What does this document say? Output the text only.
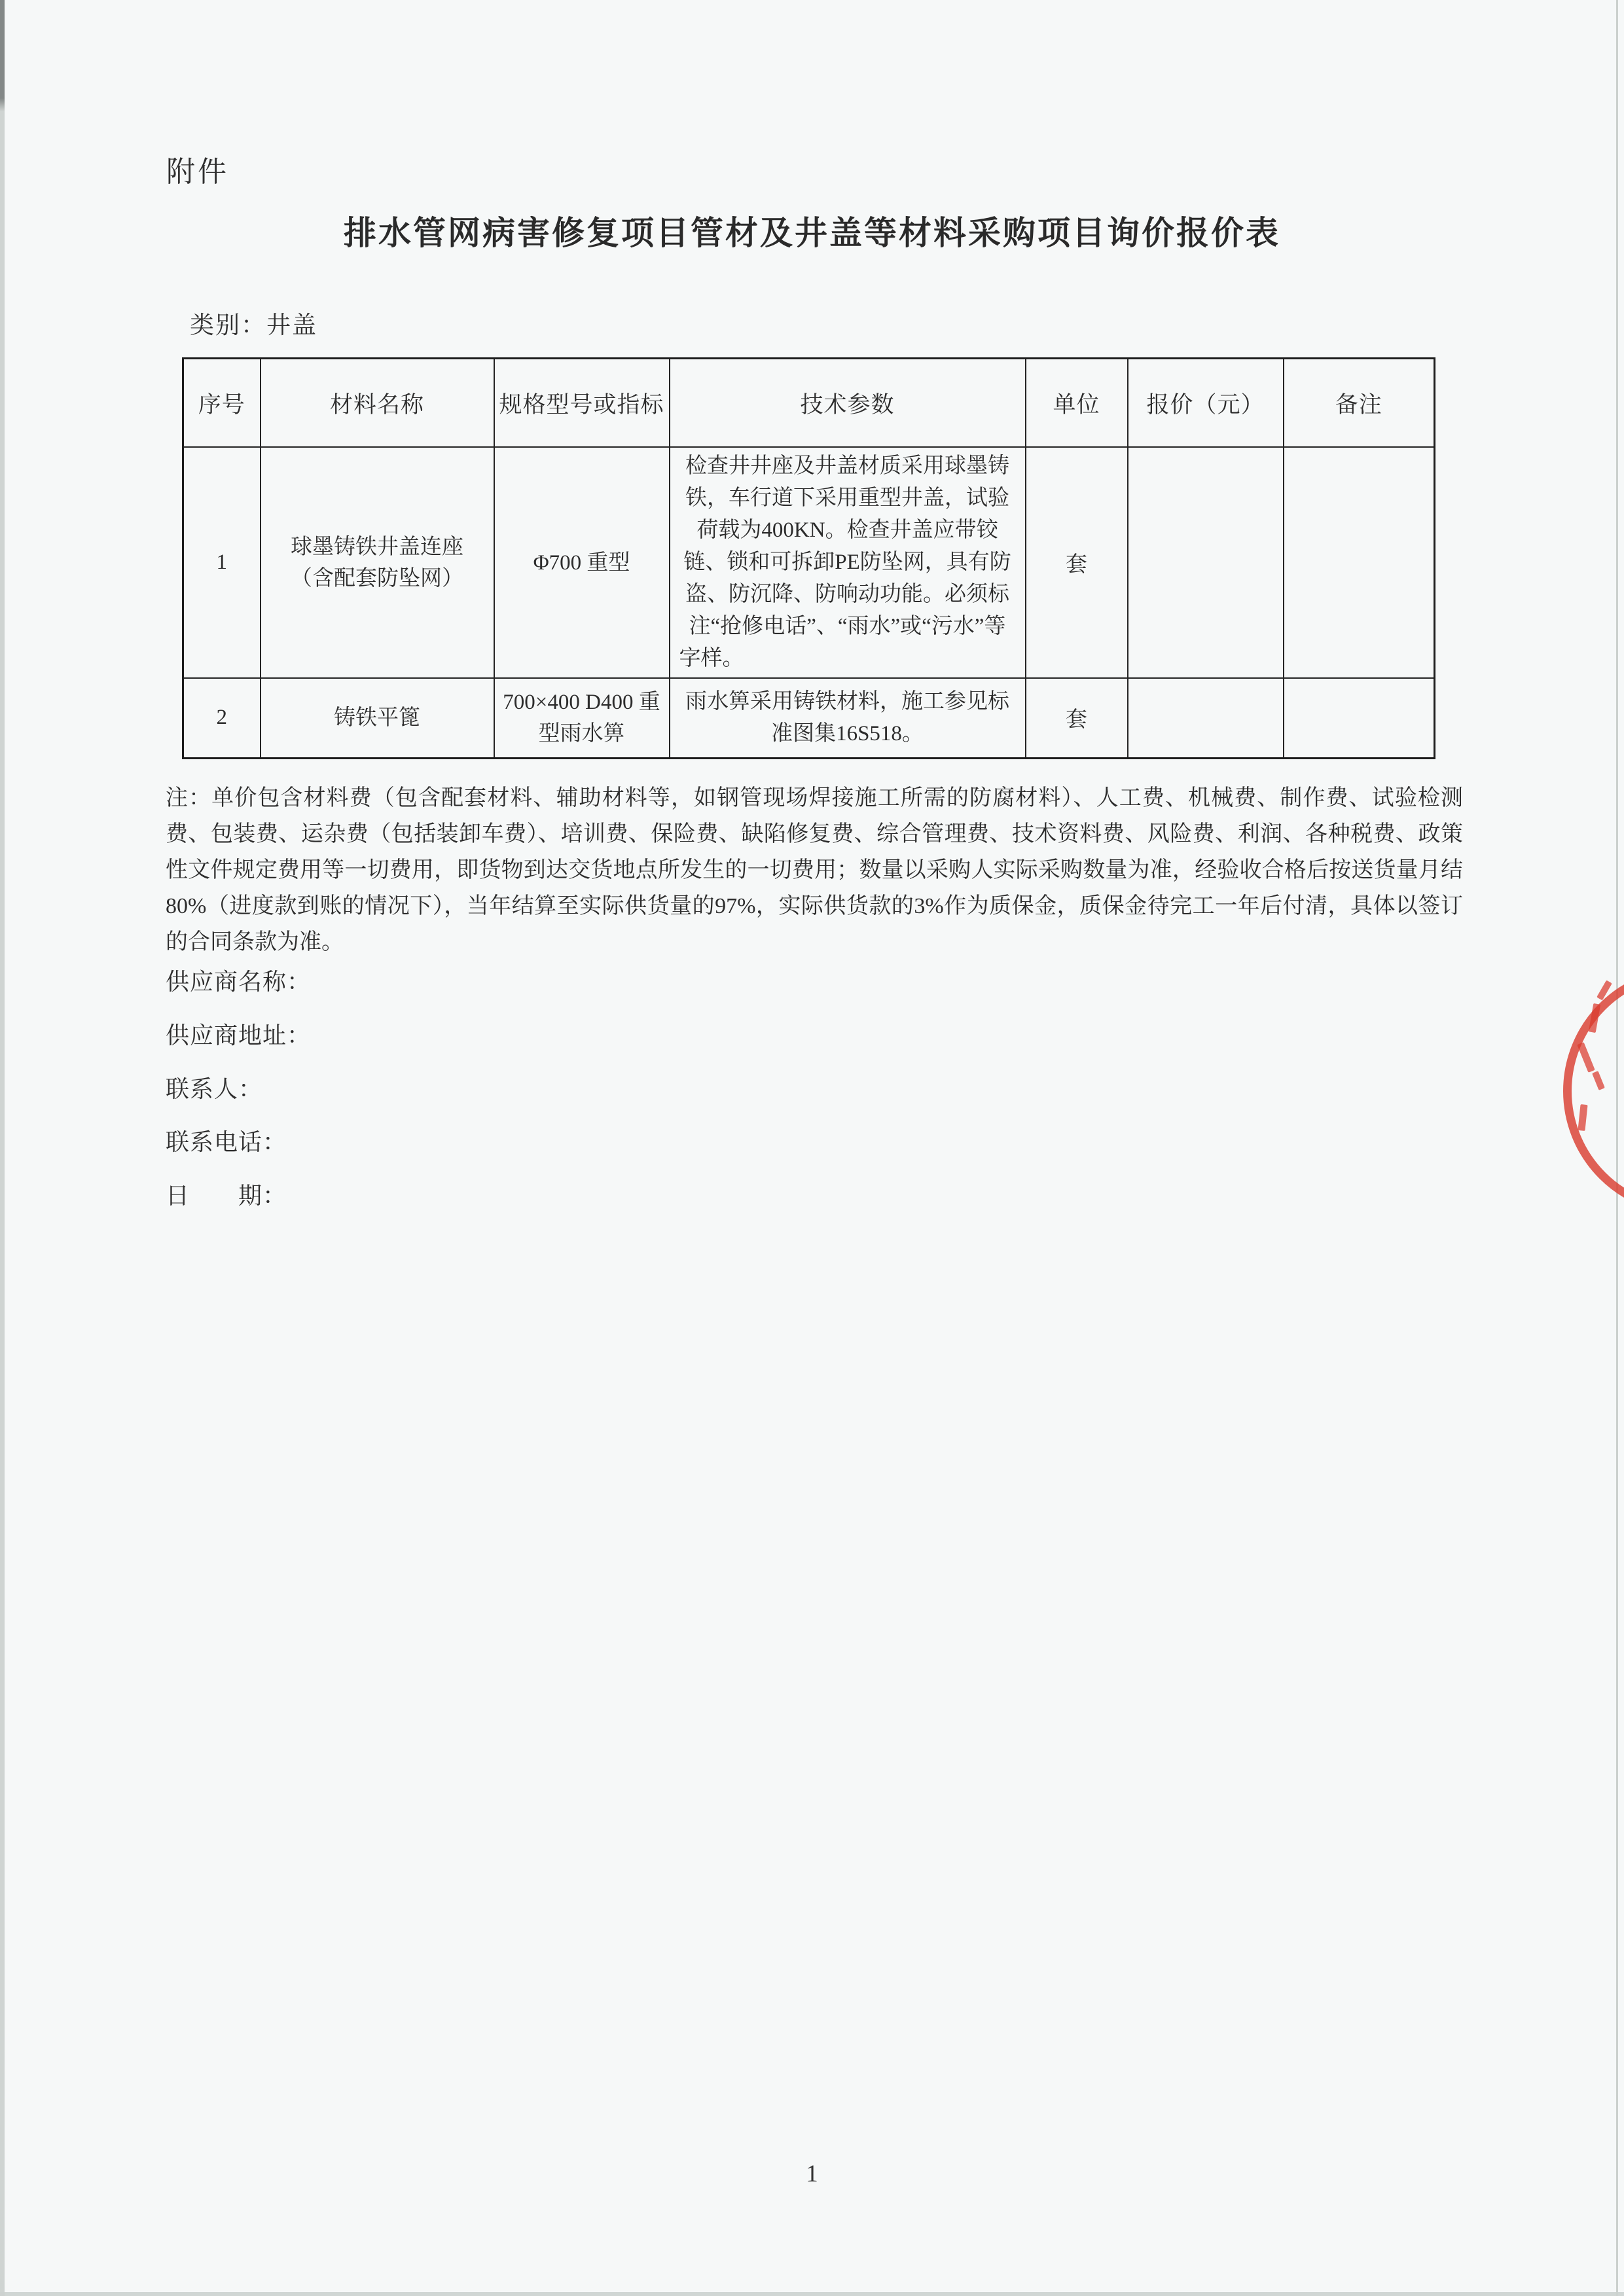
附件
排水管网病害修复项目管材及井盖等材料采购项目询价报价表
类别：井盖
序号	材料名称	规格型号或指标	技术参数	单位	报价（元）	备注
1	球墨铸铁井盖连座（含配套防坠网）	Φ700 重型	检查井井座及井盖材质采用球墨铸铁，车行道下采用重型井盖，试验荷载为400KN。检查井盖应带铰链、锁和可拆卸PE防坠网，具有防盗、防沉降、防响动功能。必须标注“抢修电话”、“雨水”或“污水”等字样。	套		
2	铸铁平篦	700×400 D400 重型雨水箅	雨水箅采用铸铁材料，施工参见标准图集16S518。	套		
注：单价包含材料费（包含配套材料、辅助材料等，如钢管现场焊接施工所需的防腐材料）、人工费、机械费、制作费、试验检测费、包装费、运杂费（包括装卸车费）、培训费、保险费、缺陷修复费、综合管理费、技术资料费、风险费、利润、各种税费、政策性文件规定费用等一切费用，即货物到达交货地点所发生的一切费用；数量以采购人实际采购数量为准，经验收合格后按送货量月结80%（进度款到账的情况下），当年结算至实际供货量的97%，实际供货款的3%作为质保金，质保金待完工一年后付清，具体以签订的合同条款为准。
供应商名称：
供应商地址：
联系人：
联系电话：
日　　期：
1
